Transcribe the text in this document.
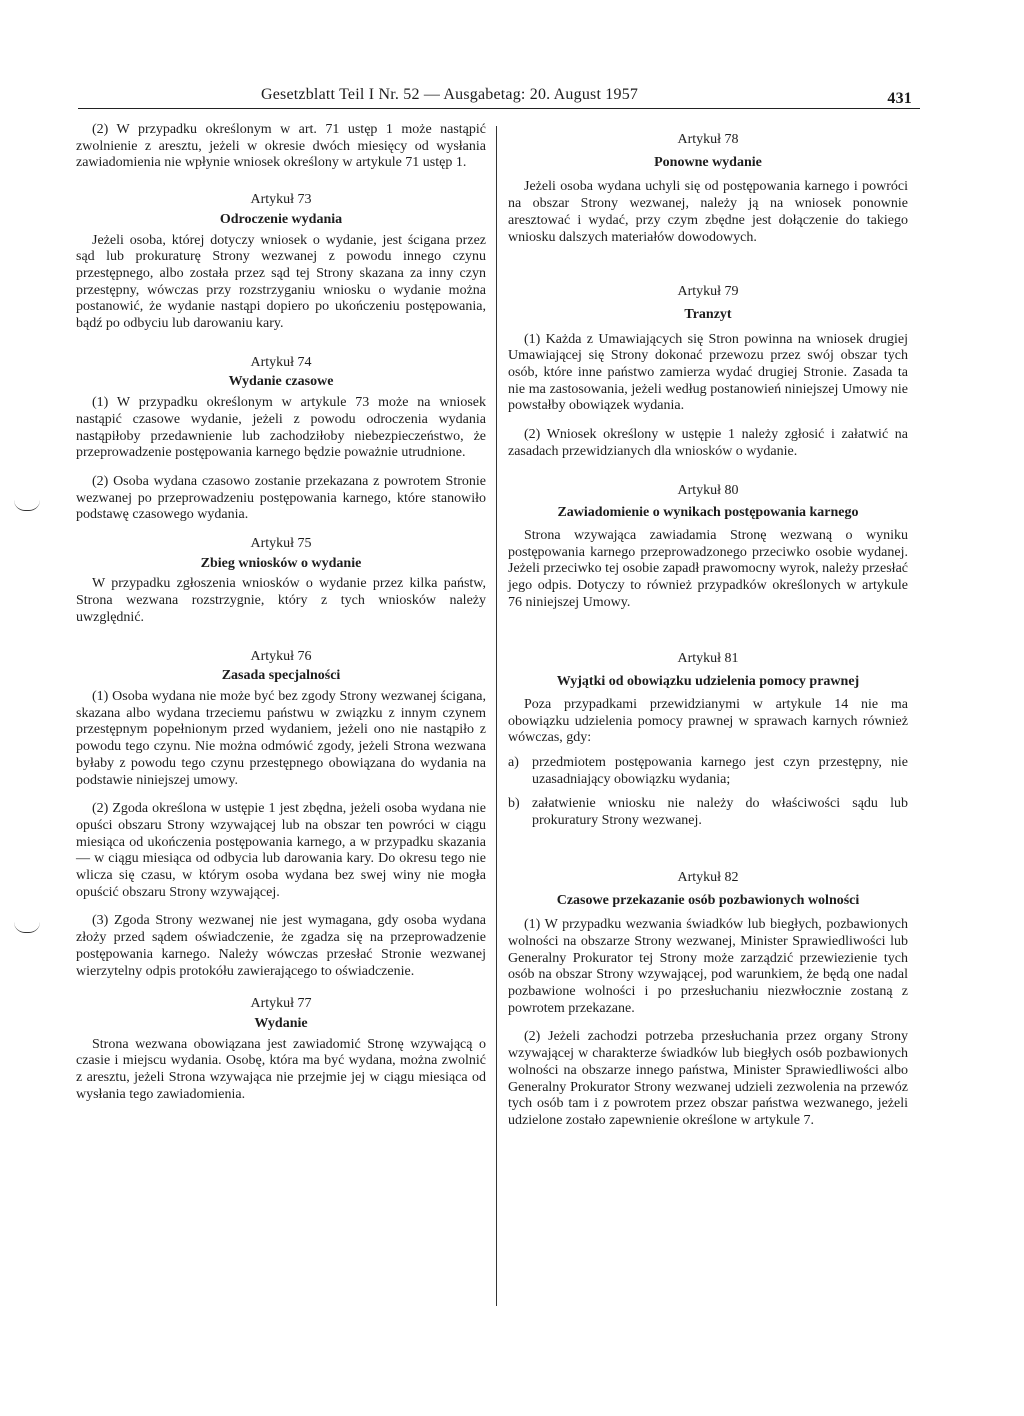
Gesetzblatt Teil I Nr. 52 — Ausgabetag: 20. August 1957	431

(2) W przypadku określonym w art. 71 ustęp 1 może nastąpić zwolnienie z aresztu, jeżeli w okresie dwóch miesięcy od wysłania zawiadomienia nie wpłynie wniosek określony w artykule 71 ustęp 1.

Artykuł 73
Odroczenie wydania

Jeżeli osoba, której dotyczy wniosek o wydanie, jest ścigana przez sąd lub prokuraturę Strony wezwanej z powodu innego czynu przestępnego, albo została przez sąd tej Strony skazana za inny czyn przestępny, wówczas przy rozstrzyganiu wniosku o wydanie można postanowić, że wydanie nastąpi dopiero po ukończeniu postępowania, bądź po odbyciu lub darowaniu kary.

Artykuł 74
Wydanie czasowe

(1) W przypadku określonym w artykule 73 może na wniosek nastąpić czasowe wydanie, jeżeli z powodu odroczenia wydania nastąpiłoby przedawnienie lub zachodziłoby niebezpieczeństwo, że przeprowadzenie postępowania karnego będzie poważnie utrudnione.

(2) Osoba wydana czasowo zostanie przekazana z powrotem Stronie wezwanej po przeprowadzeniu postępowania karnego, które stanowiło podstawę czasowego wydania.

Artykuł 75
Zbieg wniosków o wydanie

W przypadku zgłoszenia wniosków o wydanie przez kilka państw, Strona wezwana rozstrzygnie, który z tych wniosków należy uwzględnić.

Artykuł 76
Zasada specjalności

(1) Osoba wydana nie może być bez zgody Strony wezwanej ścigana, skazana albo wydana trzeciemu państwu w związku z innym czynem przestępnym popełnionym przed wydaniem, jeżeli ono nie nastąpiło z powodu tego czynu. Nie można odmówić zgody, jeżeli Strona wezwana byłaby z powodu tego czynu przestępnego obowiązana do wydania na podstawie niniejszej umowy.

(2) Zgoda określona w ustępie 1 jest zbędna, jeżeli osoba wydana nie opuści obszaru Strony wzywającej lub na obszar ten powróci w ciągu miesiąca od ukończenia postępowania karnego, a w przypadku skazania — w ciągu miesiąca od odbycia lub darowania kary. Do okresu tego nie wlicza się czasu, w którym osoba wydana bez swej winy nie mogła opuścić obszaru Strony wzywającej.

(3) Zgoda Strony wezwanej nie jest wymagana, gdy osoba wydana złoży przed sądem oświadczenie, że zgadza się na przeprowadzenie postępowania karnego. Należy wówczas przesłać Stronie wezwanej wierzytelny odpis protokółu zawierającego to oświadczenie.

Artykuł 77
Wydanie

Strona wezwana obowiązana jest zawiadomić Stronę wzywającą o czasie i miejscu wydania. Osobę, która ma być wydana, można zwolnić z aresztu, jeżeli Strona wzywająca nie przejmie jej w ciągu miesiąca od wysłania tego zawiadomienia.

Artykuł 78
Ponowne wydanie

Jeżeli osoba wydana uchyli się od postępowania karnego i powróci na obszar Strony wezwanej, należy ją na wniosek ponownie aresztować i wydać, przy czym zbędne jest dołączenie do takiego wniosku dalszych materiałów dowodowych.

Artykuł 79
Tranzyt

(1) Każda z Umawiających się Stron powinna na wniosek drugiej Umawiającej się Strony dokonać przewozu przez swój obszar tych osób, które inne państwo zamierza wydać drugiej Stronie. Zasada ta nie ma zastosowania, jeżeli według postanowień niniejszej Umowy nie powstałby obowiązek wydania.

(2) Wniosek określony w ustępie 1 należy zgłosić i załatwić na zasadach przewidzianych dla wniosków o wydanie.

Artykuł 80
Zawiadomienie o wynikach postępowania karnego

Strona wzywająca zawiadamia Stronę wezwaną o wyniku postępowania karnego przeprowadzonego przeciwko osobie wydanej. Jeżeli przeciwko tej osobie zapadł prawomocny wyrok, należy przesłać jego odpis. Dotyczy to również przypadków określonych w artykule 76 niniejszej Umowy.

Artykuł 81
Wyjątki od obowiązku udzielenia pomocy prawnej

Poza przypadkami przewidzianymi w artykule 14 nie ma obowiązku udzielenia pomocy prawnej w sprawach karnych również wówczas, gdy:

a) przedmiotem postępowania karnego jest czyn przestępny, nie uzasadniający obowiązku wydania;
b) załatwienie wniosku nie należy do właściwości sądu lub prokuratury Strony wezwanej.
Artykuł 82
Czasowe przekazanie osób pozbawionych wolności

(1) W przypadku wezwania świadków lub biegłych, pozbawionych wolności na obszarze Strony wezwanej, Minister Sprawiedliwości lub Generalny Prokurator tej Strony może zarządzić przewiezienie tych osób na obszar Strony wzywającej, pod warunkiem, że będą one nadal pozbawione wolności i po przesłuchaniu niezwłocznie zostaną z powrotem przekazane.

(2) Jeżeli zachodzi potrzeba przesłuchania przez organy Strony wzywającej w charakterze świadków lub biegłych osób pozbawionych wolności na obszarze innego państwa, Minister Sprawiedliwości albo Generalny Prokurator Strony wezwanej udzieli zezwolenia na przewóz tych osób tam i z powrotem przez obszar państwa wezwanego, jeżeli udzielone zostało zapewnienie określone w artykule 7.
